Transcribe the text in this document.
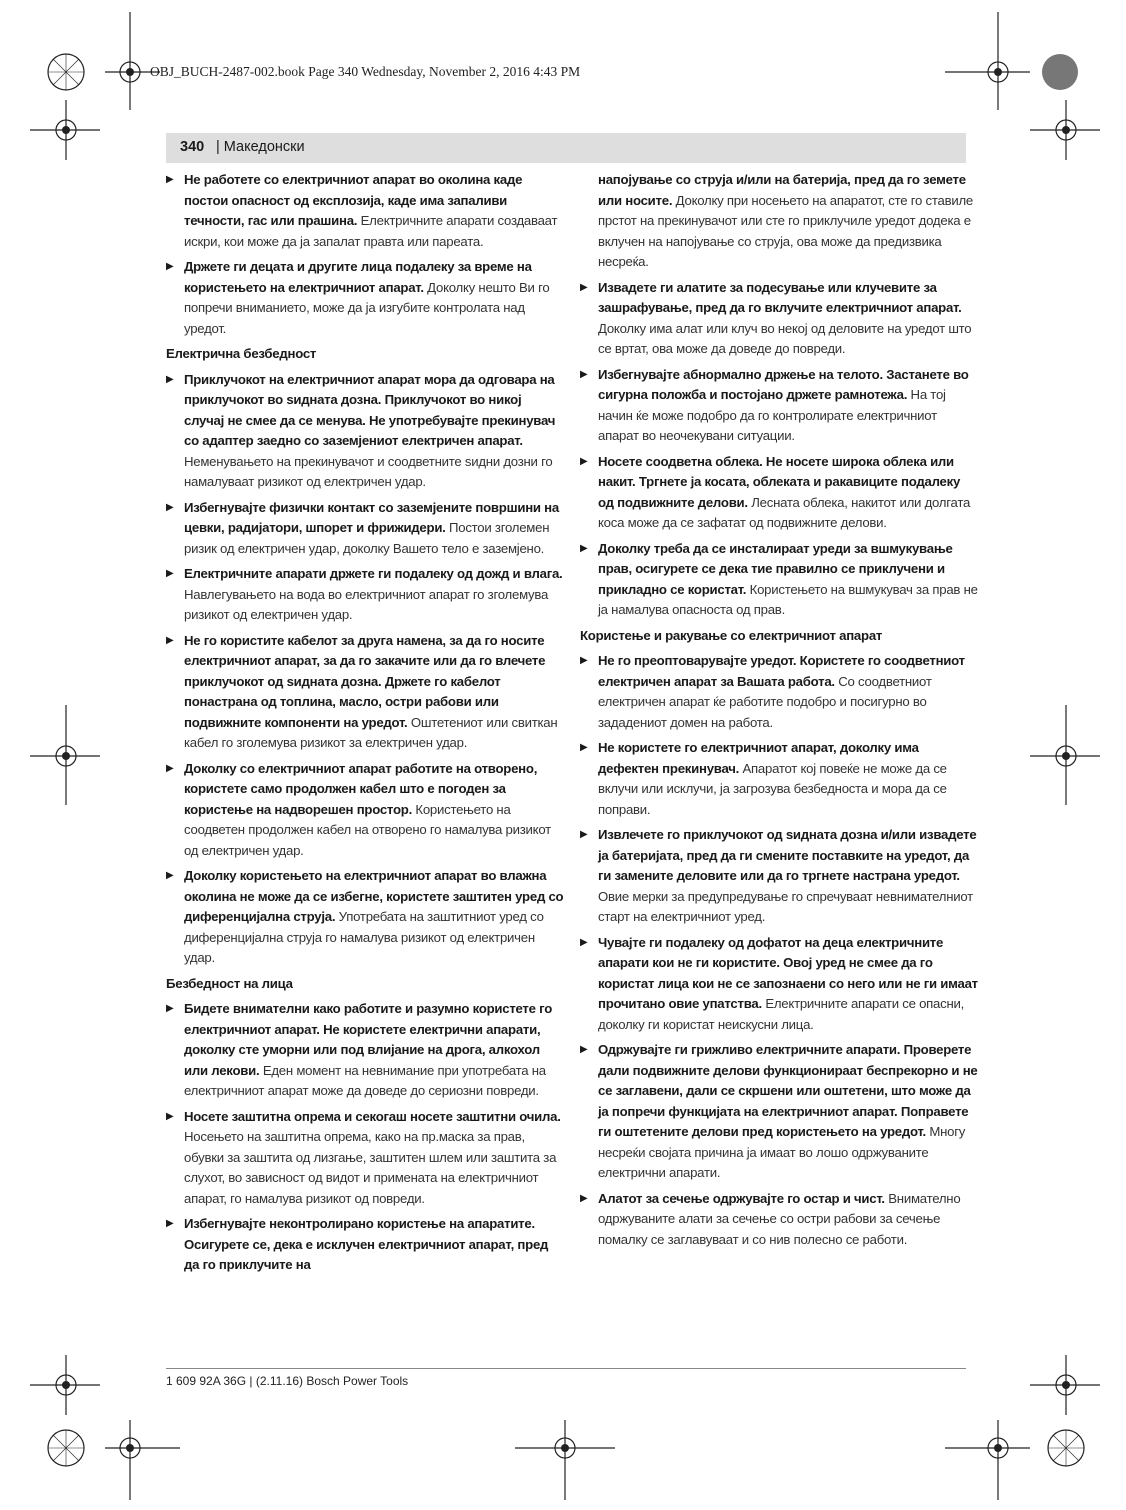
OBJ_BUCH-2487-002.book Page 340 Wednesday, November 2, 2016 4:43 PM
340 | Македонски
▶ Не работете со електричниот апарат во околина каде постои опасност од експлозија, каде има запаливи течности, гас или прашина. Електричните апарати создаваат искри, кои може да ја запалат правта или пареата.
▶ Држете ги децата и другите лица подалеку за време на користењето на електричниот апарат. Доколку нешто Ви го попречи вниманието, може да ја изгубите контролата над уредот.
Електрична безбедност
▶ Приклучокот на електричниот апарат мора да одговара на приклучокот во ѕидната дозна. Приклучокот во никој случај не смее да се менува. Не употребувајте прекинувач со адаптер заедно со заземјениот електричен апарат. Неменувањето на прекинувачот и соодветните ѕидни дозни го намалуваат ризикот од електричен удар.
▶ Избегнувајте физички контакт со заземјените површини на цевки, радијатори, шпорет и фрижидери. Постои зголемен ризик од електричен удар, доколку Вашето тело е заземјено.
▶ Електричните апарати држете ги подалеку од дожд и влага. Навлегувањето на вода во електричниот апарат го зголемува ризикот од електричен удар.
▶ Не го користите кабелот за друга намена, за да го носите електричниот апарат, за да го закачите или да го влечете приклучокот од ѕидната дозна. Држете го кабелот понастрана од топлина, масло, остри рабови или подвижните компоненти на уредот. Оштетениот или свиткан кабел го зголемува ризикот за електричен удар.
▶ Доколку со електричниот апарат работите на отворено, користете само продолжен кабел што е погоден за користење на надворешен простор. Користењето на соодветен продолжен кабел на отворено го намалува ризикот од електричен удар.
▶ Доколку користењето на електричниот апарат во влажна околина не може да се избегне, користете заштитен уред со диференцијална струја. Употребата на заштитниот уред со диференцијална струја го намалува ризикот од електричен удар.
Безбедност на лица
▶ Бидете внимателни како работите и разумно користете го електричниот апарат. Не користете електрични апарати, доколку сте уморни или под влијание на дрога, алкохол или лекови. Еден момент на невнимание при употребата на електричниот апарат може да доведе до сериозни повреди.
▶ Носете заштитна опрема и секогаш носете заштитни очила. Носењето на заштитна опрема, како на пр.маска за прав, обувки за заштита од лизгање, заштитен шлем или заштита за слухот, во зависност од видот и примената на електричниот апарат, го намалува ризикот од повреди.
▶ Избегнувајте неконтролирано користење на апаратите. Осигурете се, дека е исклучен електричниот апарат, пред да го приклучите на
напојување со струја и/или на батерија, пред да го земете или носите. Доколку при носењето на апаратот, сте го ставиле прстот на прекинувачот или сте го приклучиле уредот додека е вклучен на напојување со струја, ова може да предизвика несреќа.
▶ Извадете ги алатите за подесување или клучевите за зашрафување, пред да го вклучите електричниот апарат. Доколку има алат или клуч во некој од деловите на уредот што се вртат, ова може да доведе до повреди.
▶ Избегнувајте абнормално држење на телото. Застанете во сигурна положба и постојано држете рамнотежа. На тој начин ќе може подобро да го контролирате електричниот апарат во неочекувани ситуации.
▶ Носете соодветна облека. Не носете широка облека или накит. Тргнете ја косата, облеката и ракавиците подалеку од подвижните делови. Лесната облека, накитот или долгата коса може да се зафатат од подвижните делови.
▶ Доколку треба да се инсталираат уреди за вшмукување прав, осигурете се дека тие правилно се приклучени и прикладно се користат. Користењето на вшмукувач за прав не ја намалува опасноста од прав.
Користење и ракување со електричниот апарат
▶ Не го преоптоварувајте уредот. Користете го соодветниот електричен апарат за Вашата работа. Со соодветниот електричен апарат ќе работите подобро и посигурно во зададениот домен на работа.
▶ Не користете го електричниот апарат, доколку има дефектен прекинувач. Апаратот кој повеќе не може да се вклучи или исклучи, ја загрозува безбедноста и мора да се поправи.
▶ Извлечете го приклучокот од ѕидната дозна и/или извадете ја батеријата, пред да ги смените поставките на уредот, да ги замените деловите или да го тргнете настрана уредот. Овие мерки за предупредување го спречуваат невнимателниот старт на електричниот уред.
▶ Чувајте ги подалеку од дофатот на деца електричните апарати кои не ги користите. Овој уред не смее да го користат лица кои не се запознаени со него или не ги имаат прочитано овие упатства. Електричните апарати се опасни, доколку ги користат неискусни лица.
▶ Одржувајте ги грижливо електричните апарати. Проверете дали подвижните делови функционираат беспрекорно и не се заглавени, дали се скршени или оштетени, што може да ја попречи функцијата на електричниот апарат. Поправете ги оштетените делови пред користењето на уредот. Многу несреќи својата причина ја имаат во лошо одржуваните електрични апарати.
▶ Алатот за сечење одржувајте го остар и чист. Внимателно одржуваните алати за сечење со остри рабови за сечење помалку се заглавуваат и со нив полесно се работи.
1 609 92A 36G | (2.11.16) Bosch Power Tools
